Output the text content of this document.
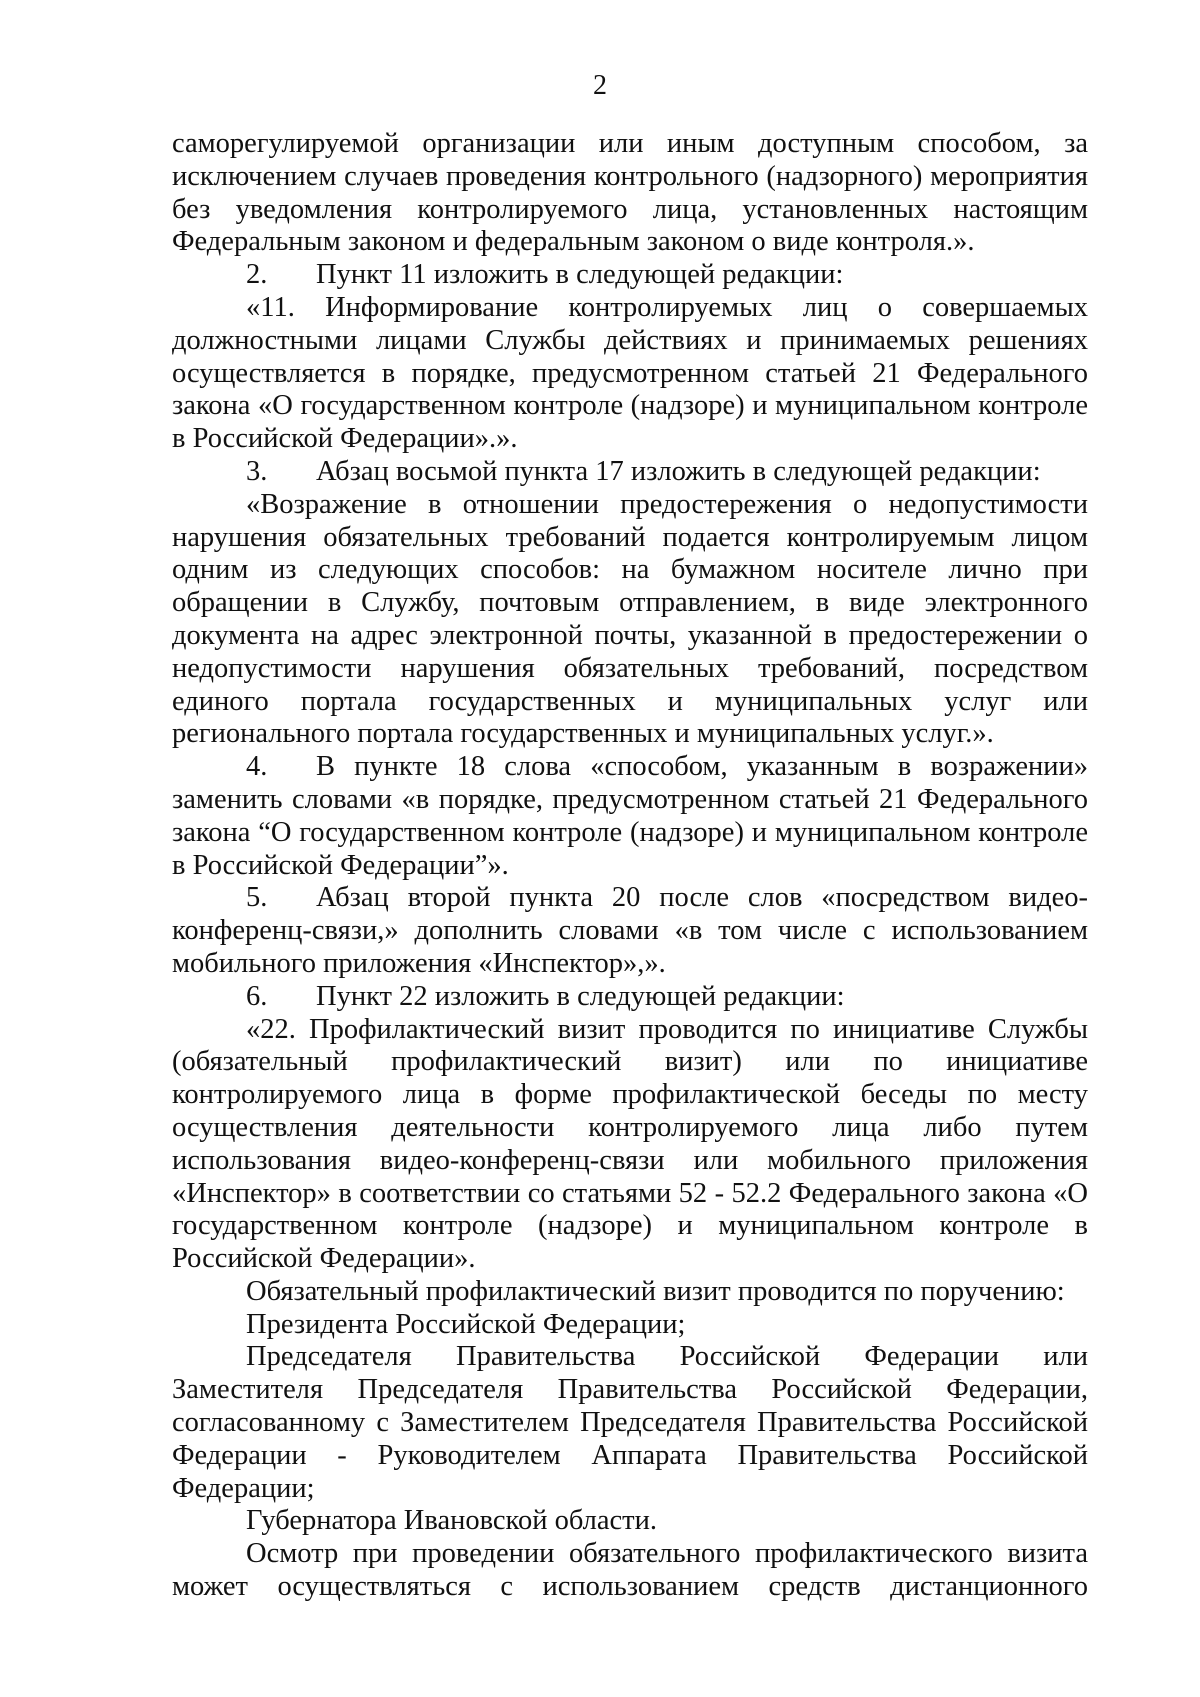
2

саморегулируемой организации или иным доступным способом, за исключением случаев проведения контрольного (надзорного) мероприятия без уведомления контролируемого лица, установленных настоящим Федеральным законом и федеральным законом о виде контроля.».

2. Пункт 11 изложить в следующей редакции:

«11. Информирование контролируемых лиц о совершаемых должностными лицами Службы действиях и принимаемых решениях осуществляется в порядке, предусмотренном статьей 21 Федерального закона «О государственном контроле (надзоре) и муниципальном контроле в Российской Федерации».».

3. Абзац восьмой пункта 17 изложить в следующей редакции:

«Возражение в отношении предостережения о недопустимости нарушения обязательных требований подается контролируемым лицом одним из следующих способов: на бумажном носителе лично при обращении в Службу, почтовым отправлением, в виде электронного документа на адрес электронной почты, указанной в предостережении о недопустимости нарушения обязательных требований, посредством единого портала государственных и муниципальных услуг или регионального портала государственных и муниципальных услуг.».

4. В пункте 18 слова «способом, указанным в возражении» заменить словами «в порядке, предусмотренном статьей 21 Федерального закона “О государственном контроле (надзоре) и муниципальном контроле в Российской Федерации”».

5. Абзац второй пункта 20 после слов «посредством видео-конференц-связи,» дополнить словами «в том числе с использованием мобильного приложения «Инспектор»,».

6. Пункт 22 изложить в следующей редакции:

«22. Профилактический визит проводится по инициативе Службы (обязательный профилактический визит) или по инициативе контролируемого лица в форме профилактической беседы по месту осуществления деятельности контролируемого лица либо путем использования видео-конференц-связи или мобильного приложения «Инспектор» в соответствии со статьями 52 - 52.2 Федерального закона «О государственном контроле (надзоре) и муниципальном контроле в Российской Федерации».

Обязательный профилактический визит проводится по поручению:

Президента Российской Федерации;

Председателя Правительства Российской Федерации или Заместителя Председателя Правительства Российской Федерации, согласованному с Заместителем Председателя Правительства Российской Федерации - Руководителем Аппарата Правительства Российской Федерации;

Губернатора Ивановской области.

Осмотр при проведении обязательного профилактического визита может осуществляться с использованием средств дистанционного
